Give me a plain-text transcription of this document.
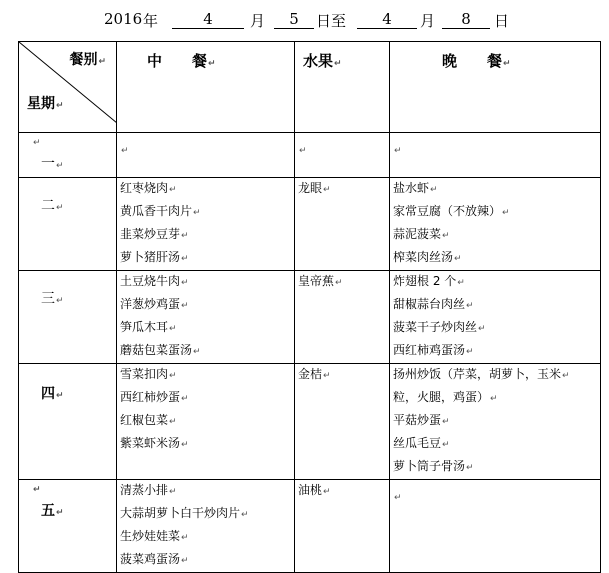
2016 年	4	月	5	日至	4	月	8	日
餐别↵
星期↵	中　　餐↵	水果↵	晚　　餐↵

↵
一↵	↵	↵	↵

二↵	红枣烧肉↵
黄瓜香干肉片↵
韭菜炒豆芽↵
萝卜猪肝汤↵	龙眼↵	盐水虾↵
家常豆腐（不放辣）↵
蒜泥菠菜↵
榨菜肉丝汤↵

三↵	土豆烧牛肉↵
洋葱炒鸡蛋↵
笋瓜木耳↵
蘑菇包菜蛋汤↵	皇帝蕉↵	炸翅根 2 个↵
甜椒蒜台肉丝↵
菠菜干子炒肉丝↵
西红柿鸡蛋汤↵

四↵	雪菜扣肉↵
西红柿炒蛋↵
红椒包菜↵
紫菜虾米汤↵	金桔↵	扬州炒饭（芹菜，胡萝卜，玉米↵
粒，火腿，鸡蛋）↵
平菇炒蛋↵
丝瓜毛豆↵
萝卜筒子骨汤↵

↵
五↵	清蒸小排↵
大蒜胡萝卜白干炒肉片↵
生炒娃娃菜↵
菠菜鸡蛋汤↵	油桃↵	↵
